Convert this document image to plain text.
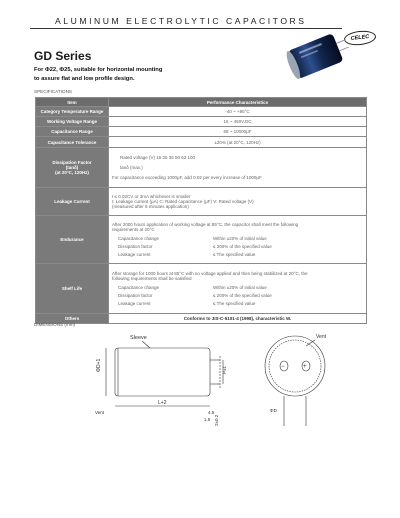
ALUMINUM ELECTROLYTIC CAPACITORS
CELEC
GD Series
For Φ22, Φ25, suitable for horizontal mounting
to assure flat and low profile design.
SPECIFICATIONS
Item	Performance Characteristics
Category Temperature Range	-40 ~ +85°C
Working Voltage Range	16 ~ 450V.DC
Capacitance Range	68 ~ 10000μF
Capacitance Tolerance	±20% (at 20°C, 120Hz)

Dissipation Factor
(tanδ)
(at 20°C, 120Hz)	Rated voltage (V) 16 25 35 50 63 100
tanδ (max.)
For capacitance exceeding 1000μF, add 0.02 per every increase of 1000μF

Leakage Current	I ≤ 0.02CV or 3mA whichever is smaller
I: Leakage current (μA) C: Rated capacitance (μF) V: Rated voltage (V)
(measured after 5 minutes application)

Endurance	After 2000 hours application of working voltage at 85°C, the capacitor shall meet the following
requirements at 20°C
Capacitance change Within ±20% of initial value
Dissipation factor ≤ 200% of the specified value
Leakage current ≤ The specified value

Shelf Life	After storage for 1000 hours at 85°C with no voltage applied and then being stabilized at 20°C, the
following requirements shall be satisfied
Capacitance change Within ±20% of initial value
Dissipation factor ≤ 200% of the specified value
Leakage current ≤ The specified value

Others	Conforms to JIS-C-5101-4 (1998), characteristic W.
DIMENSIONS (mm)
Sleeve
ΦD+1
L+2
Vent
P±1
4.5
1.5 2±0.2
−	+
Vent
ΦD
